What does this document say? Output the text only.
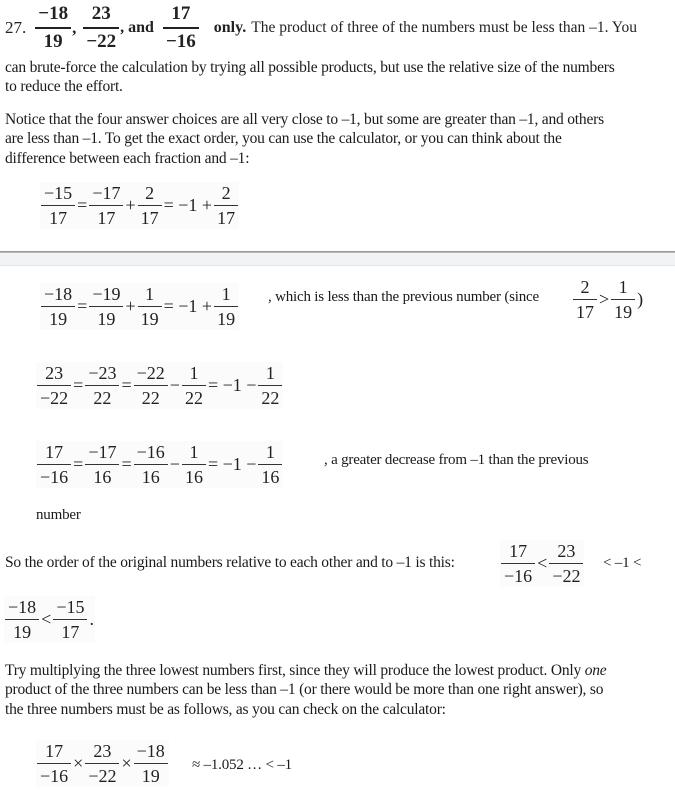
27. $\frac{-18}{19}$ , $\frac{23}{-22}$ , and $\frac{17}{-16}$ only. The product of three of the numbers must be less than –1. You
can brute-force the calculation by trying all possible products, but use the relative size of the numbers
to reduce the effort.
Notice that the four answer choices are all very close to –1, but some are greater than –1, and others
are less than –1. To get the exact order, you can use the calculator, or you can think about the
difference between each fraction and –1:
$\frac{-15}{17} = \frac{-17}{17} + \frac{2}{17} = -1 + \frac{2}{17}$
$\frac{-18}{19} = \frac{-19}{19} + \frac{1}{19} = -1 + \frac{1}{19}$ , which is less than the previous number (since $\frac{2}{17} > \frac{1}{19}$ )
$\frac{23}{-22} = \frac{-23}{22} = \frac{-22}{22} - \frac{1}{22} = -1 - \frac{1}{22}$
$\frac{17}{-16} = \frac{-17}{16} = \frac{-16}{16} - \frac{1}{16} = -1 - \frac{1}{16}$	, a greater decrease from –1 than the previous
number
So the order of the original numbers relative to each other and to –1 is this:	$\frac{17}{-16} < \frac{23}{-22} < -1$ <
$\frac{-18}{19} < \frac{-15}{17}$ .
Try multiplying the three lowest numbers first, since they will produce the lowest product. Only one
product of the three numbers can be less than –1 (or there would be more than one right answer), so
the three numbers must be as follows, as you can check on the calculator:
$\frac{17}{-16} \times \frac{23}{-22} \times \frac{-18}{19} \approx -1.052$ … < –1
